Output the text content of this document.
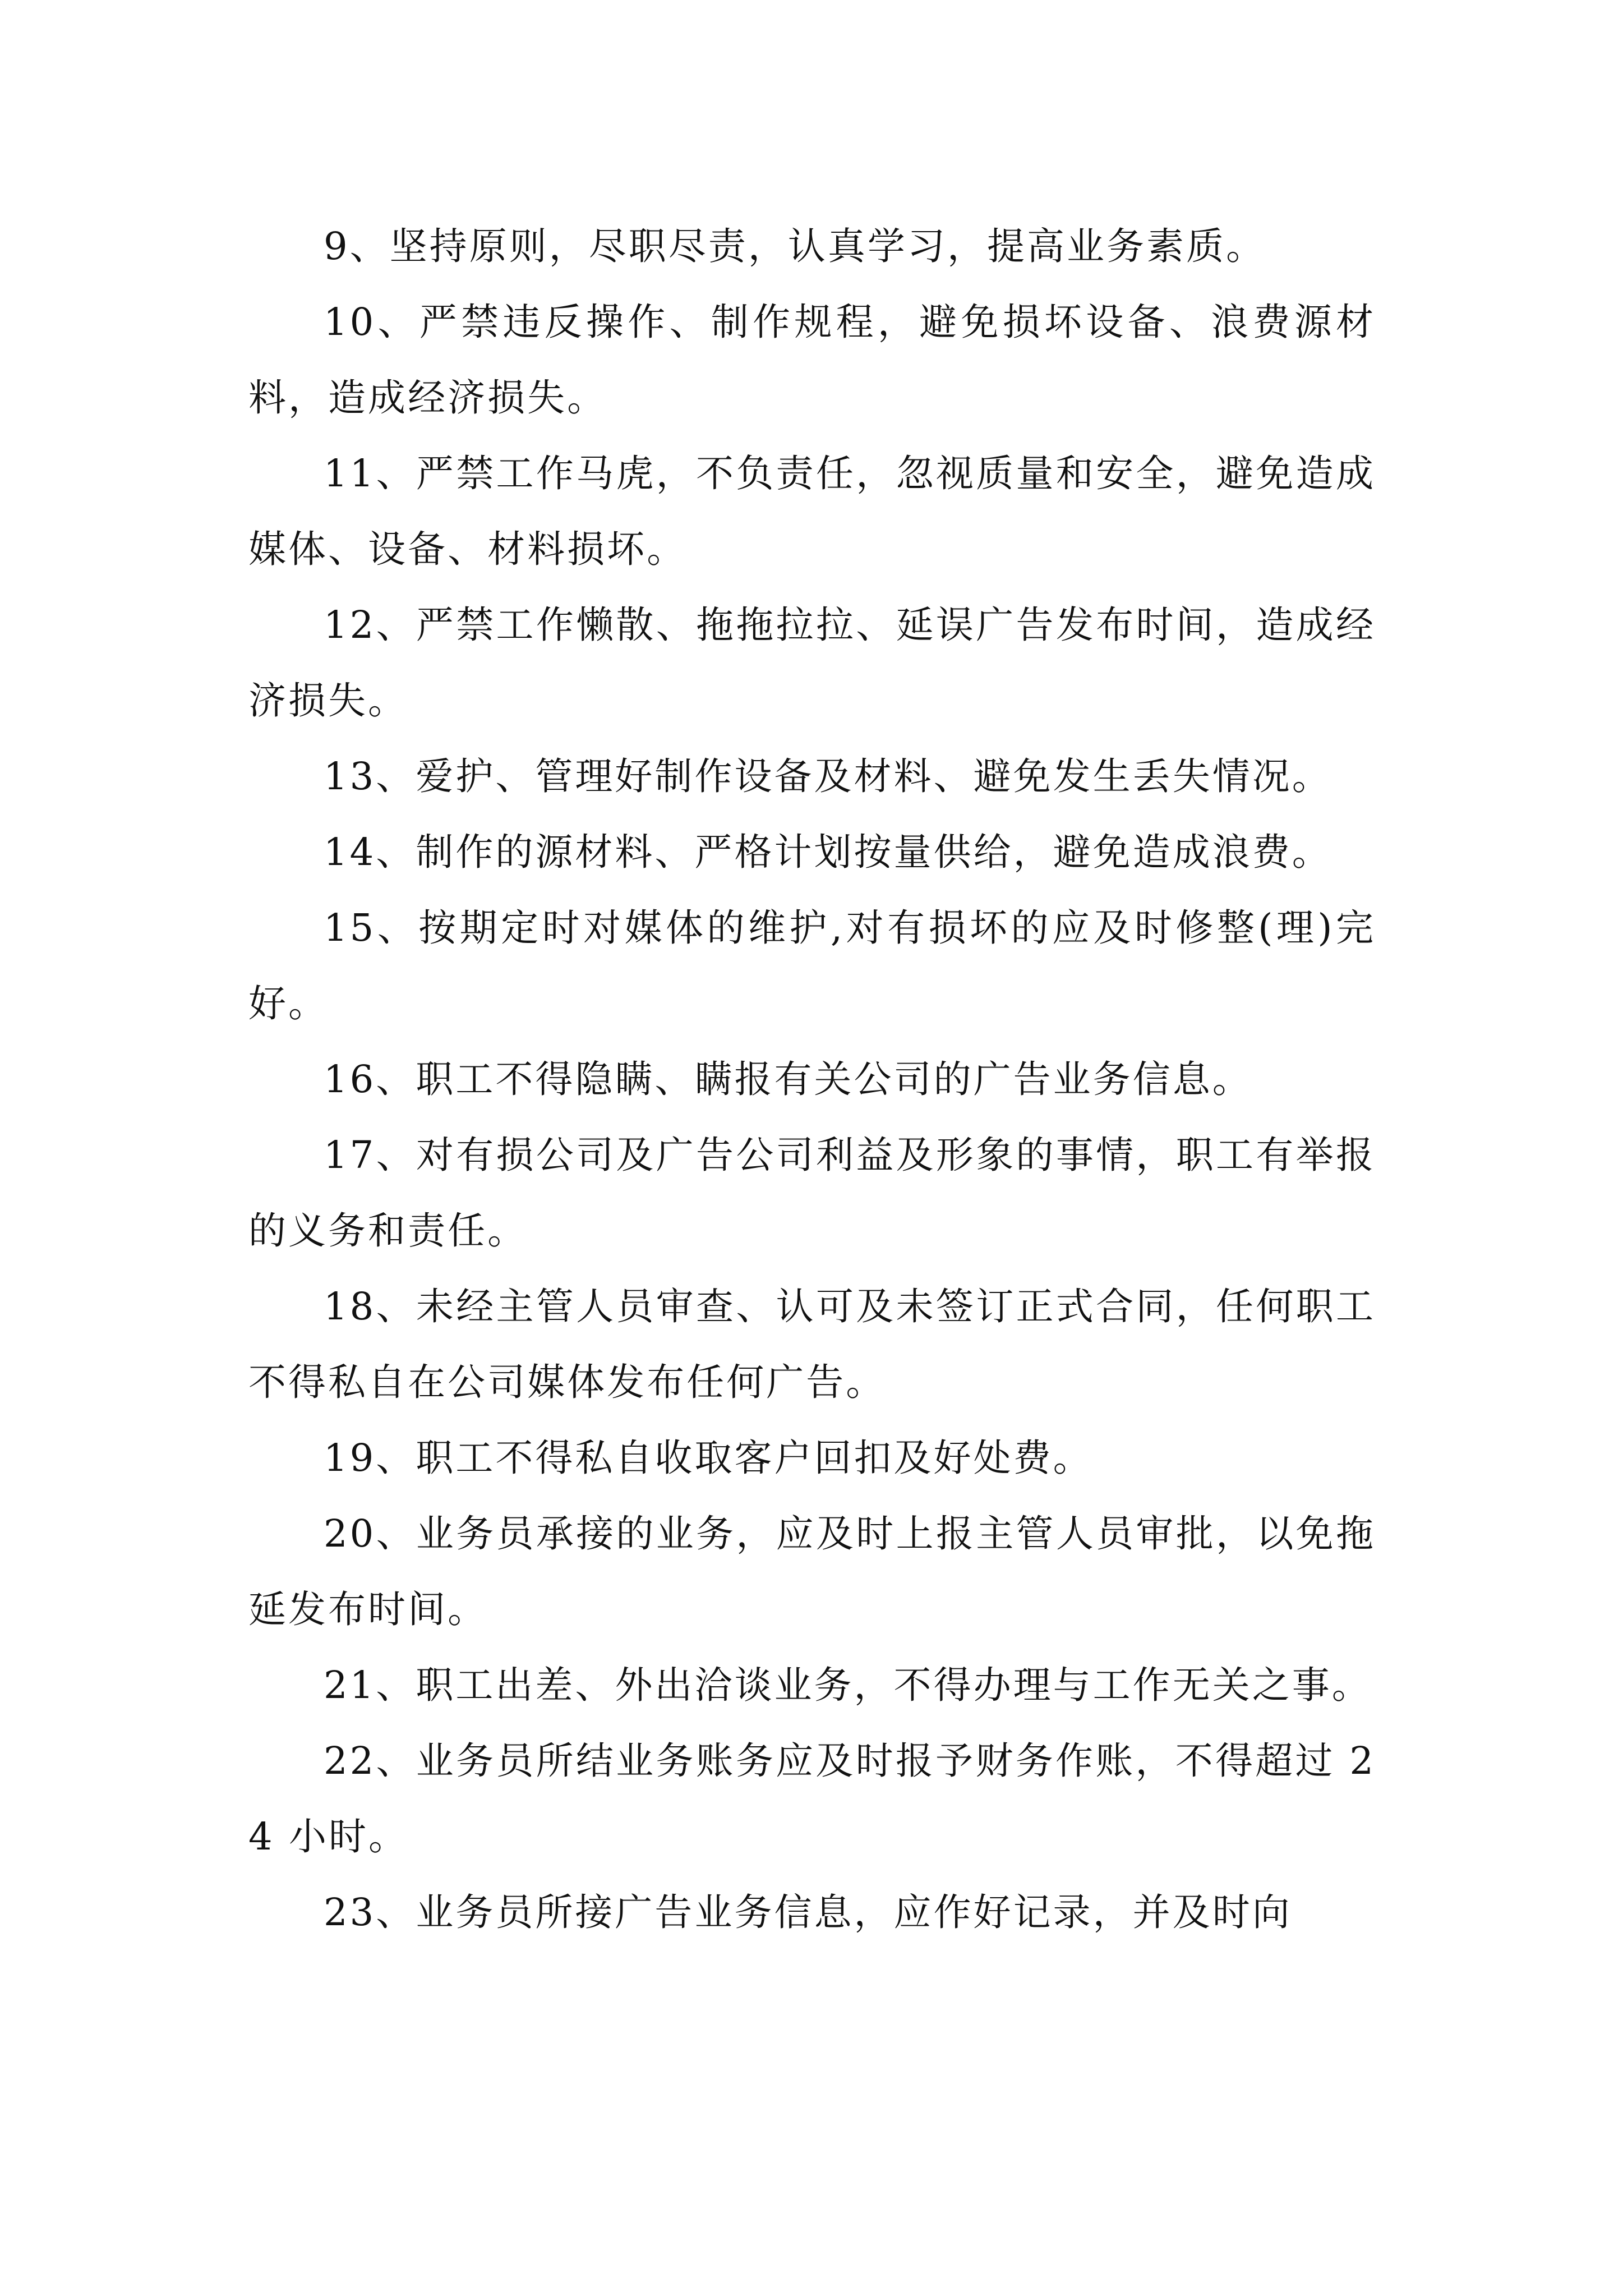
9、坚持原则，尽职尽责，认真学习，提高业务素质。

10、严禁违反操作、制作规程，避免损坏设备、浪费源材料，造成经济损失。

11、严禁工作马虎，不负责任，忽视质量和安全，避免造成媒体、设备、材料损坏。

12、严禁工作懒散、拖拖拉拉、延误广告发布时间，造成经济损失。

13、爱护、管理好制作设备及材料、避免发生丢失情况。

14、制作的源材料、严格计划按量供给，避免造成浪费。

15、按期定时对媒体的维护,对有损坏的应及时修整(理)完好。

16、职工不得隐瞒、瞒报有关公司的广告业务信息。

17、对有损公司及广告公司利益及形象的事情，职工有举报的义务和责任。

18、未经主管人员审查、认可及未签订正式合同，任何职工不得私自在公司媒体发布任何广告。

19、职工不得私自收取客户回扣及好处费。

20、业务员承接的业务，应及时上报主管人员审批，以免拖延发布时间。

21、职工出差、外出洽谈业务，不得办理与工作无关之事。

22、业务员所结业务账务应及时报予财务作账，不得超过 24 小时。

23、业务员所接广告业务信息，应作好记录，并及时向
